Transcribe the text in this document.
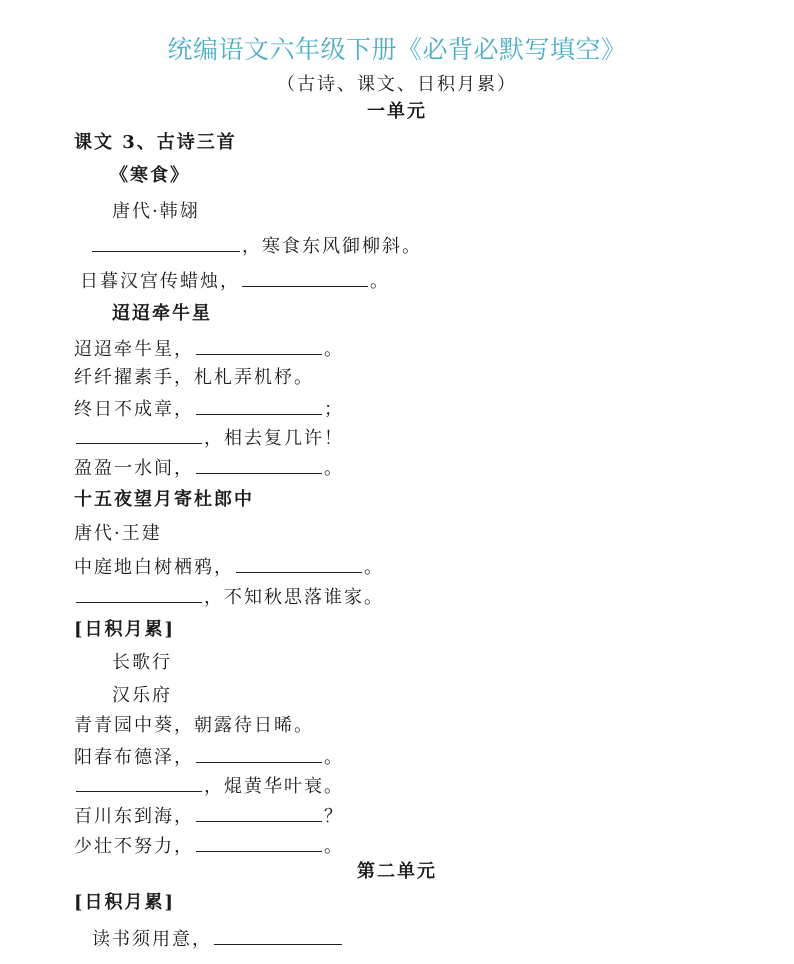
统编语文六年级下册《必背必默写填空》
（古诗、课文、日积月累）
一单元
课文 3、古诗三首
《寒食》
唐代·韩翃
，寒食东风御柳斜。
日暮汉宫传蜡烛，	。
迢迢牵牛星
迢迢牵牛星，	。
纤纤擢素手，札札弄机杼。
终日不成章，	；
，相去复几许！
盈盈一水间，	。
十五夜望月寄杜郎中
唐代·王建
中庭地白树栖鸦，	。
，不知秋思落谁家。
[日积月累]
长歌行
汉乐府
青青园中葵，朝露待日晞。
阳春布德泽，	。
，焜黄华叶衰。
百川东到海，	？
少壮不努力，	。
第二单元
[日积月累]
读书须用意，
